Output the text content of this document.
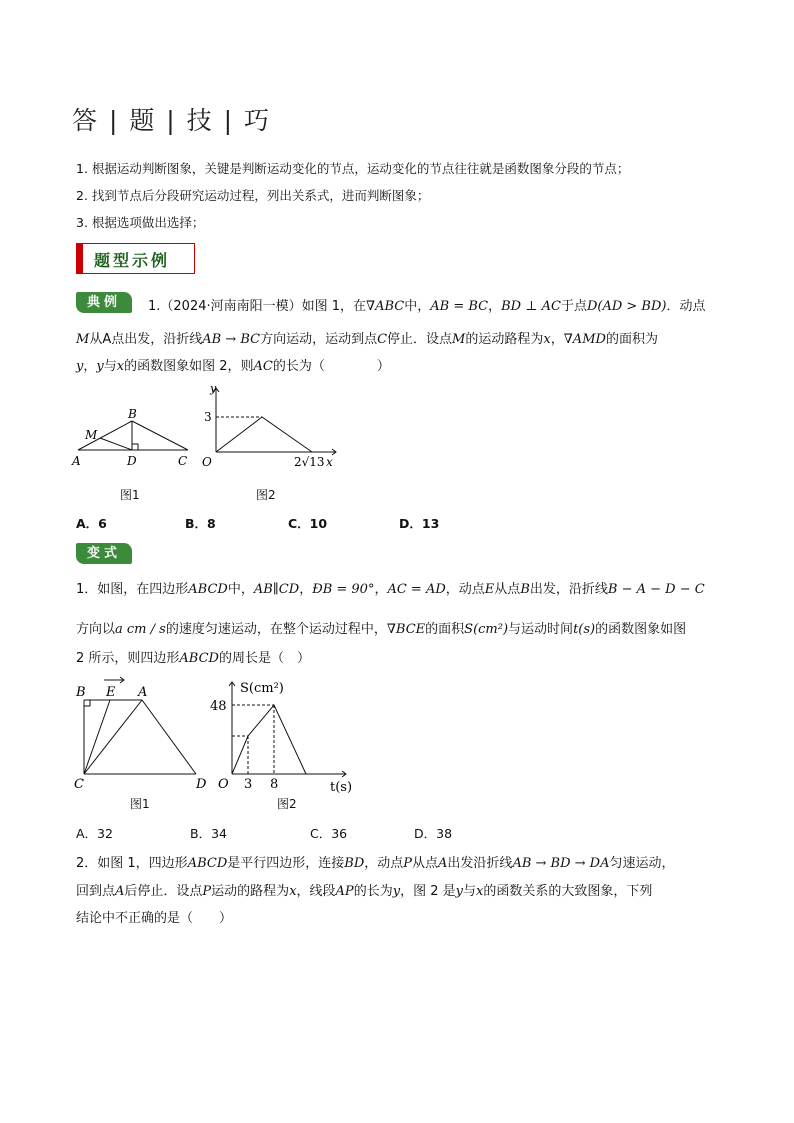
答 | 题 | 技 | 巧
1. 根据运动判断图象，关键是判断运动变化的节点，运动变化的节点往往就是函数图象分段的节点；
2. 找到节点后分段研究运动过程，列出关系式，进而判断图象；
3. 根据选项做出选择；
题型示例
典例	1.（2024·河南南阳一模）如图 1，在∇ABC中，AB = BC，BD ⊥ AC于点D(AD > BD)．动点
M从A点出发，沿折线AB → BC方向运动，运动到点C停止．设点M的运动路程为x，∇AMD的面积为
y，y与x的函数图象如图 2，则AC的长为（　　　　）
B
M
A	D	C
图1
y
3
O	2√13 x
图2
A．6	B．8	C．10	D．13
变式
1．如图，在四边形ABCD中，AB∥CD，ÐB = 90°，AC = AD，动点E从点B出发，沿折线B − A − D − C
方向以a cm / s的速度匀速运动，在整个运动过程中，∇BCE的面积S(cm²)与运动时间t(s)的函数图象如图
2 所示，则四边形ABCD的周长是（　）
B E A
C	D
图1
S(cm²)
48
O 3 8	t(s)
图2
A．32	B．34	C．36	D．38
2．如图 1，四边形ABCD是平行四边形，连接BD，动点P从点A出发沿折线AB → BD → DA匀速运动，
回到点A后停止．设点P运动的路程为x，线段AP的长为y，图 2 是y与x的函数关系的大致图象，下列
结论中不正确的是（　　）
